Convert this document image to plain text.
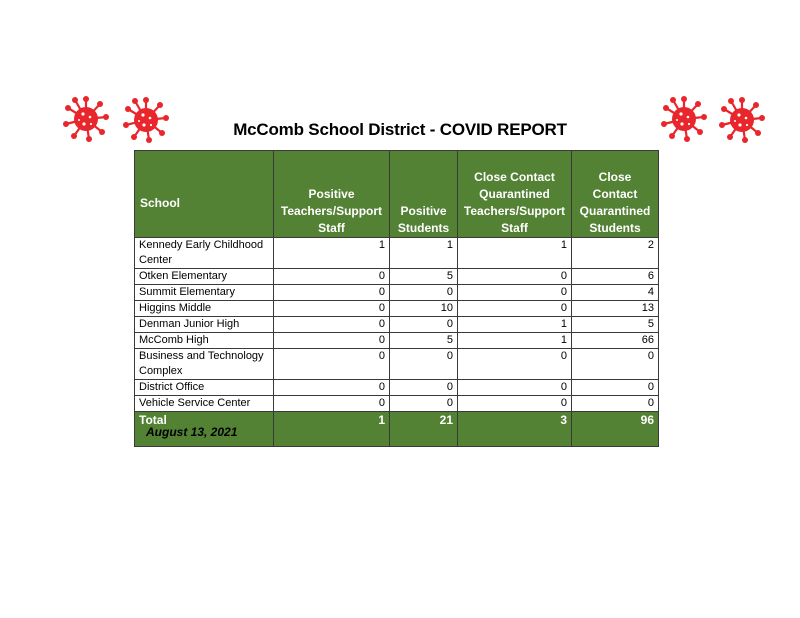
McComb School District - COVID REPORT
School	Positive Teachers/Support Staff	Positive Students	Close Contact Quarantined Teachers/Support Staff	Close Contact Quarantined Students
Kennedy Early Childhood Center	1	1	1	2
Otken Elementary	0	5	0	6
Summit Elementary	0	0	0	4
Higgins Middle	0	10	0	13
Denman Junior High	0	0	1	5
McComb High	0	5	1	66
Business and Technology Complex	0	0	0	0
District Office	0	0	0	0
Vehicle Service Center	0	0	0	0
Total	1	21	3	96
August 13, 2021
